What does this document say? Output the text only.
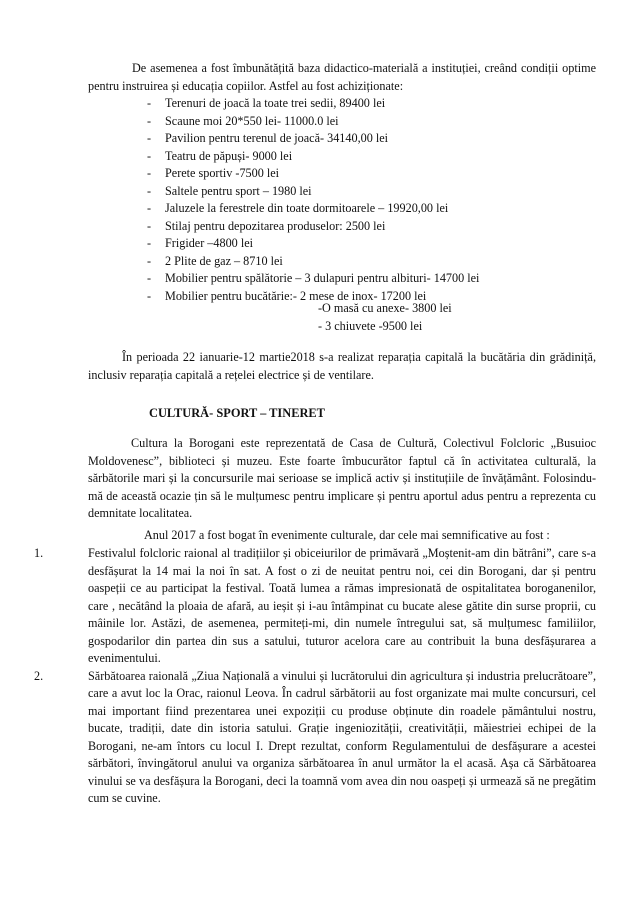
De asemenea a fost îmbunătățită baza didactico-materială a instituției, creând condiții optime pentru instruirea și educația copiilor. Astfel au fost achiziționate:
- Terenuri de joacă la toate trei sedii, 89400 lei
- Scaune moi 20*550 lei- 11000.0 lei
- Pavilion pentru terenul de joacă- 34140,00 lei
- Teatru de păpuși- 9000 lei
- Perete sportiv -7500 lei
- Saltele pentru sport – 1980 lei
- Jaluzele la ferestrele din toate dormitoarele – 19920,00 lei
- Stilaj pentru depozitarea produselor: 2500 lei
- Frigider –4800 lei
- 2 Plite de gaz – 8710 lei
- Mobilier pentru spălătorie – 3 dulapuri pentru albituri- 14700 lei
- Mobilier pentru bucătărie:- 2 mese de inox- 17200 lei
-O masă cu anexe- 3800 lei
- 3 chiuvete -9500 lei
În perioada 22 ianuarie-12 martie2018 s-a realizat reparația capitală la bucătăria din grădiniță, inclusiv reparația capitală a rețelei electrice și de ventilare.
CULTURĂ- SPORT – TINERET
Cultura la Borogani este reprezentată de Casa de Cultură, Colectivul Folcloric „Busuioc Moldovenesc”, biblioteci și muzeu. Este foarte îmbucurător faptul că în activitatea culturală, la sărbătorile mari și la concursurile mai serioase se implică activ și instituțiile de învățământ. Folosindu-mă de această ocazie țin să le mulțumesc pentru implicare și pentru aportul adus pentru a reprezenta cu demnitate localitatea.
Anul 2017 a fost bogat în evenimente culturale, dar cele mai semnificative au fost :
1.	Festivalul folcloric raional al tradițiilor și obiceiurilor de primăvară „Moștenit-am din bătrâni”, care s-a desfășurat la 14 mai la noi în sat. A fost o zi de neuitat pentru noi, cei din Borogani, dar și pentru oaspeții ce au participat la festival. Toată lumea a rămas impresionată de ospitalitatea boroganenilor, care , necătând la ploaia de afară, au ieșit și i-au întâmpinat cu bucate alese gătite din surse proprii, cu mâinile lor. Astăzi, de asemenea, permiteți-mi, din numele întregului sat, să mulțumesc familiilor, gospodarilor din partea din sus a satului, tuturor acelora care au contribuit la buna desfășurarea a evenimentului.
2.	Sărbătoarea raională „Ziua Națională a vinului și lucrătorului din agricultura și industria prelucrătoare”, care a avut loc la Orac, raionul Leova. În cadrul sărbătorii au fost organizate mai multe concursuri, cel mai important fiind prezentarea unei expoziții cu produse obținute din roadele pământului nostru, bucate, tradiții, date din istoria satului. Grație ingeniozității, creativității, măiestriei echipei de la Borogani, ne-am întors cu locul I. Drept rezultat, conform Regulamentului de desfășurare a acestei sărbători, învingătorul anului va organiza sărbătoarea în anul următor la el acasă. Așa că Sărbătoarea vinului se va desfășura la Borogani, deci la toamnă vom avea din nou oaspeți și urmează să ne pregătim cum se cuvine.
